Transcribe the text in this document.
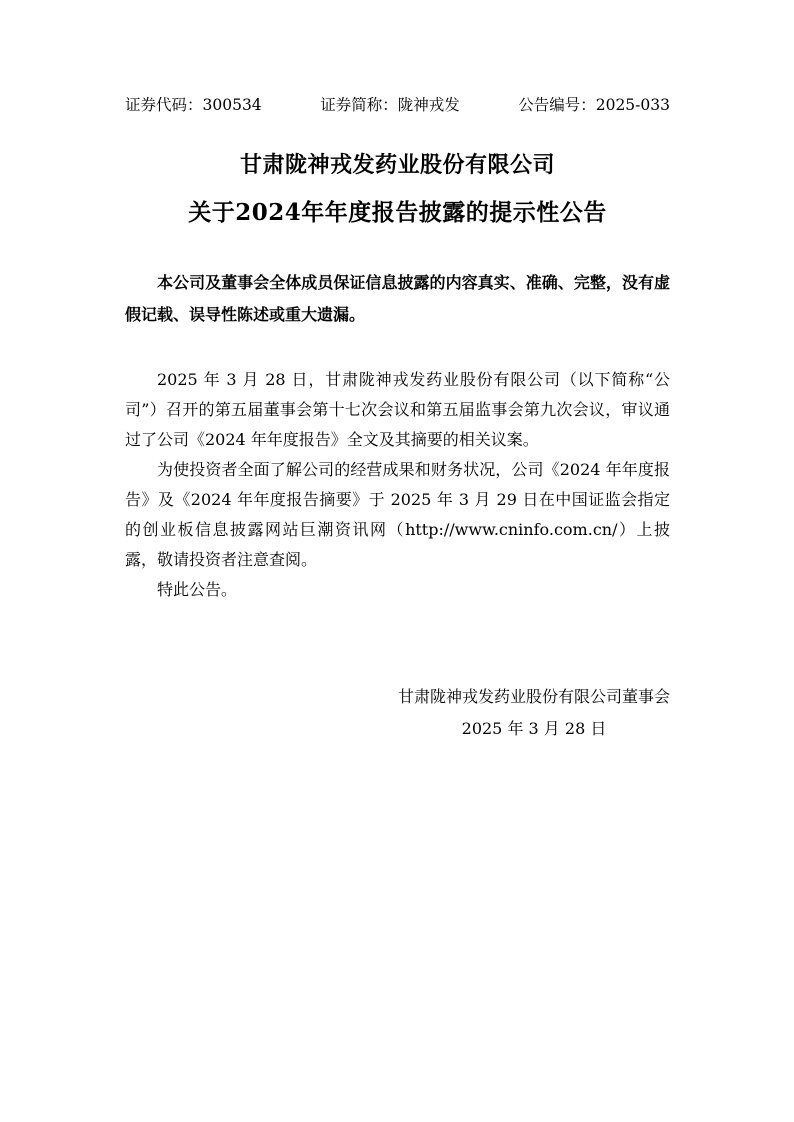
证券代码：300534	证券简称：陇神戎发	公告编号：2025-033
甘肃陇神戎发药业股份有限公司
关于2024年年度报告披露的提示性公告

本公司及董事会全体成员保证信息披露的内容真实、准确、完整，没有虚假记载、误导性陈述或重大遗漏。

2025 年 3 月 28 日，甘肃陇神戎发药业股份有限公司（以下简称“公司”）召开的第五届董事会第十七次会议和第五届监事会第九次会议，审议通过了公司《2024 年年度报告》全文及其摘要的相关议案。

为使投资者全面了解公司的经营成果和财务状况，公司《2024 年年度报告》及《2024 年年度报告摘要》于 2025 年 3 月 29 日在中国证监会指定的创业板信息披露网站巨潮资讯网（http://www.cninfo.com.cn/）上披露，敬请投资者注意查阅。

特此公告。

甘肃陇神戎发药业股份有限公司董事会
2025 年 3 月 28 日
